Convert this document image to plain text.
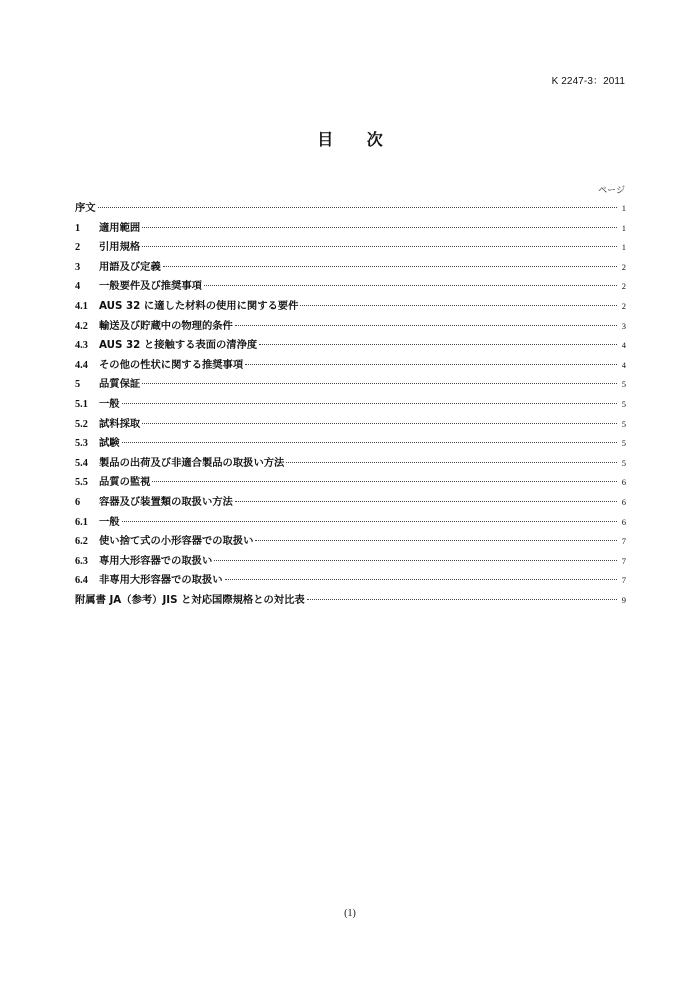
K 2247-3：2011
目 次
ページ
序文	1
1	適用範囲	1
2	引用規格	1
3	用語及び定義	2
4	一般要件及び推奨事項	2
4.1	AUS 32 に適した材料の使用に関する要件	2
4.2	輸送及び貯蔵中の物理的条件	3
4.3	AUS 32 と接触する表面の清浄度	4
4.4	その他の性状に関する推奨事項	4
5	品質保証	5
5.1	一般	5
5.2	試料採取	5
5.3	試験	5
5.4	製品の出荷及び非適合製品の取扱い方法	5
5.5	品質の監視	6
6	容器及び装置類の取扱い方法	6
6.1	一般	6
6.2	使い捨て式の小形容器での取扱い	7
6.3	専用大形容器での取扱い	7
6.4	非専用大形容器での取扱い	7
附属書 JA（参考）JIS と対応国際規格との対比表	9
(1)
